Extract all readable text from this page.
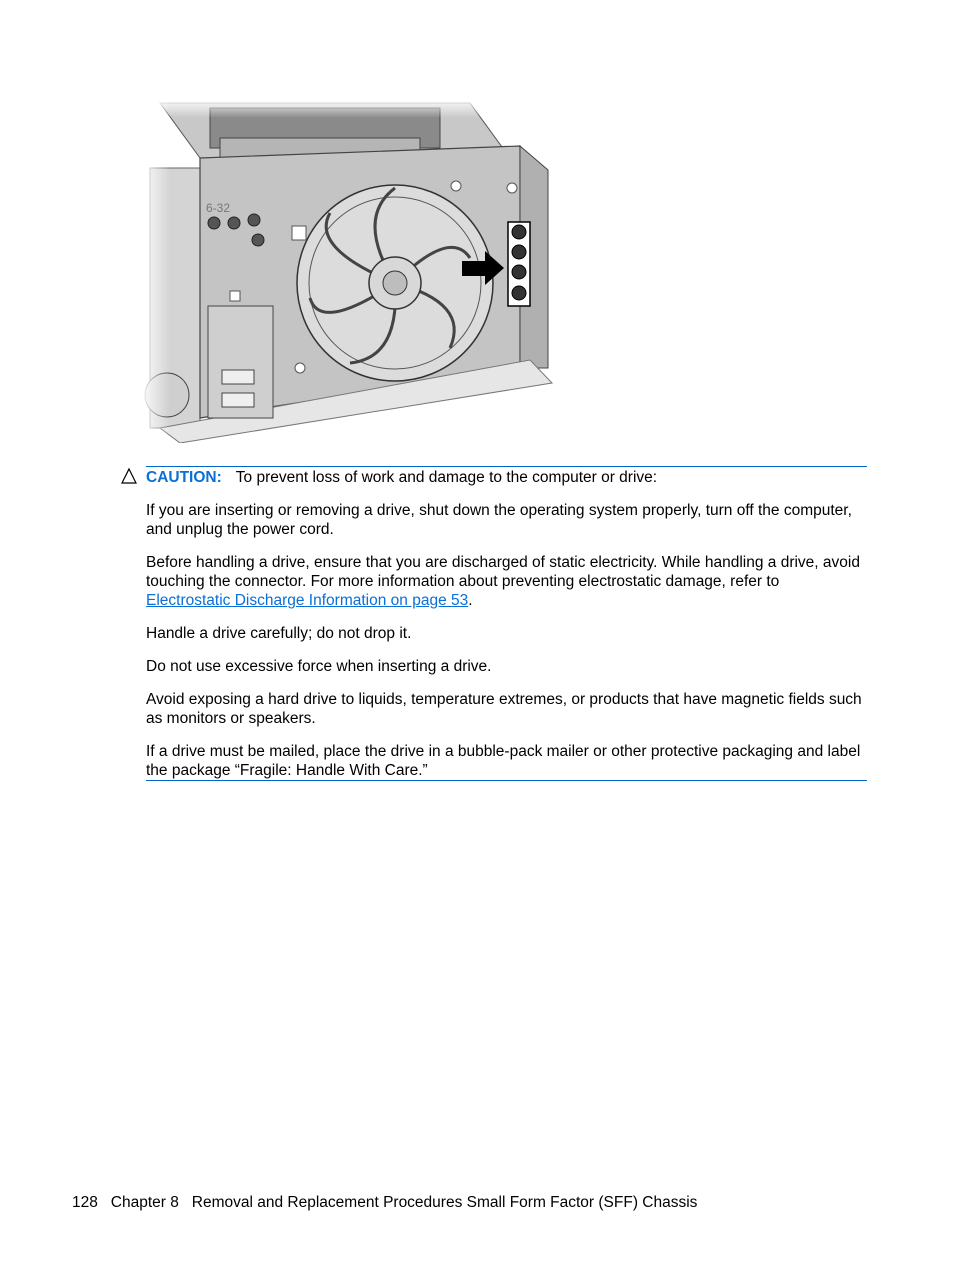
6-32

CAUTION: To prevent loss of work and damage to the computer or drive:

If you are inserting or removing a drive, shut down the operating system properly, turn off the computer, and unplug the power cord.

Before handling a drive, ensure that you are discharged of static electricity. While handling a drive, avoid touching the connector. For more information about preventing electrostatic damage, refer to Electrostatic Discharge Information on page 53.

Handle a drive carefully; do not drop it.

Do not use excessive force when inserting a drive.

Avoid exposing a hard drive to liquids, temperature extremes, or products that have magnetic fields such as monitors or speakers.

If a drive must be mailed, place the drive in a bubble-pack mailer or other protective packaging and label the package “Fragile: Handle With Care.”

128 Chapter 8 Removal and Replacement Procedures Small Form Factor (SFF) Chassis
